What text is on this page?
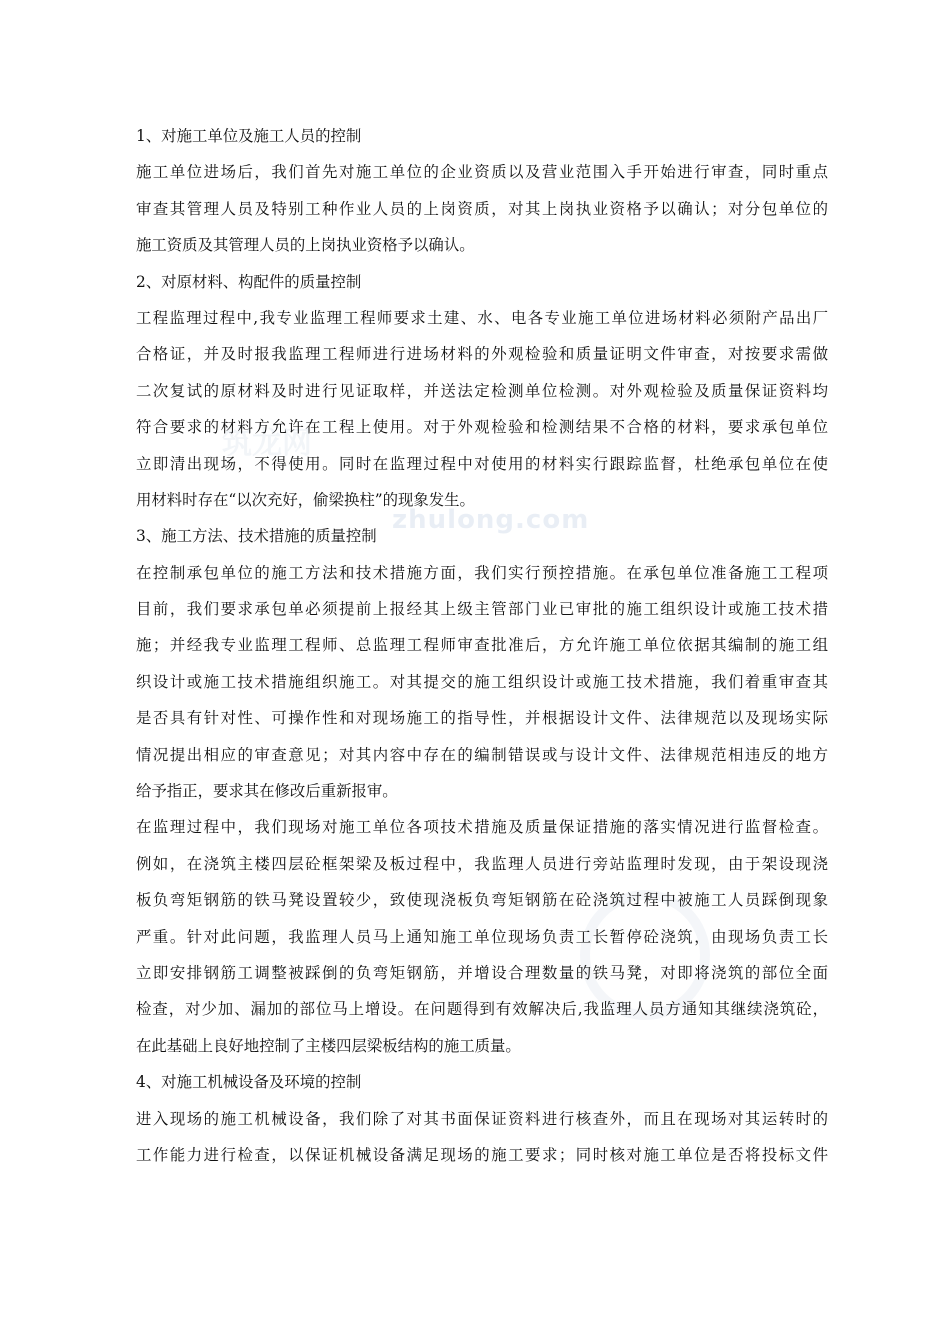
筑龙网
zhulong.com
1、对施工单位及施工人员的控制
施工单位进场后，我们首先对施工单位的企业资质以及营业范围入手开始进行审查，同时重点
审查其管理人员及特别工种作业人员的上岗资质，对其上岗执业资格予以确认；对分包单位的
施工资质及其管理人员的上岗执业资格予以确认。
2、对原材料、构配件的质量控制
工程监理过程中,我专业监理工程师要求土建、水、电各专业施工单位进场材料必须附产品出厂
合格证，并及时报我监理工程师进行进场材料的外观检验和质量证明文件审查，对按要求需做
二次复试的原材料及时进行见证取样，并送法定检测单位检测。对外观检验及质量保证资料均
符合要求的材料方允许在工程上使用。对于外观检验和检测结果不合格的材料，要求承包单位
立即清出现场，不得使用。同时在监理过程中对使用的材料实行跟踪监督，杜绝承包单位在使
用材料时存在“以次充好，偷梁换柱”的现象发生。
3、施工方法、技术措施的质量控制
在控制承包单位的施工方法和技术措施方面，我们实行预控措施。在承包单位准备施工工程项
目前，我们要求承包单必须提前上报经其上级主管部门业已审批的施工组织设计或施工技术措
施；并经我专业监理工程师、总监理工程师审查批准后，方允许施工单位依据其编制的施工组
织设计或施工技术措施组织施工。对其提交的施工组织设计或施工技术措施，我们着重审查其
是否具有针对性、可操作性和对现场施工的指导性，并根据设计文件、法律规范以及现场实际
情况提出相应的审查意见；对其内容中存在的编制错误或与设计文件、法律规范相违反的地方
给予指正，要求其在修改后重新报审。
在监理过程中，我们现场对施工单位各项技术措施及质量保证措施的落实情况进行监督检查。
例如，在浇筑主楼四层砼框架梁及板过程中，我监理人员进行旁站监理时发现，由于架设现浇
板负弯矩钢筋的铁马凳设置较少，致使现浇板负弯矩钢筋在砼浇筑过程中被施工人员踩倒现象
严重。针对此问题，我监理人员马上通知施工单位现场负责工长暂停砼浇筑，由现场负责工长
立即安排钢筋工调整被踩倒的负弯矩钢筋，并增设合理数量的铁马凳，对即将浇筑的部位全面
检查，对少加、漏加的部位马上增设。在问题得到有效解决后,我监理人员方通知其继续浇筑砼，
在此基础上良好地控制了主楼四层梁板结构的施工质量。
4、对施工机械设备及环境的控制
进入现场的施工机械设备，我们除了对其书面保证资料进行核查外，而且在现场对其运转时的
工作能力进行检查，以保证机械设备满足现场的施工要求；同时核对施工单位是否将投标文件
